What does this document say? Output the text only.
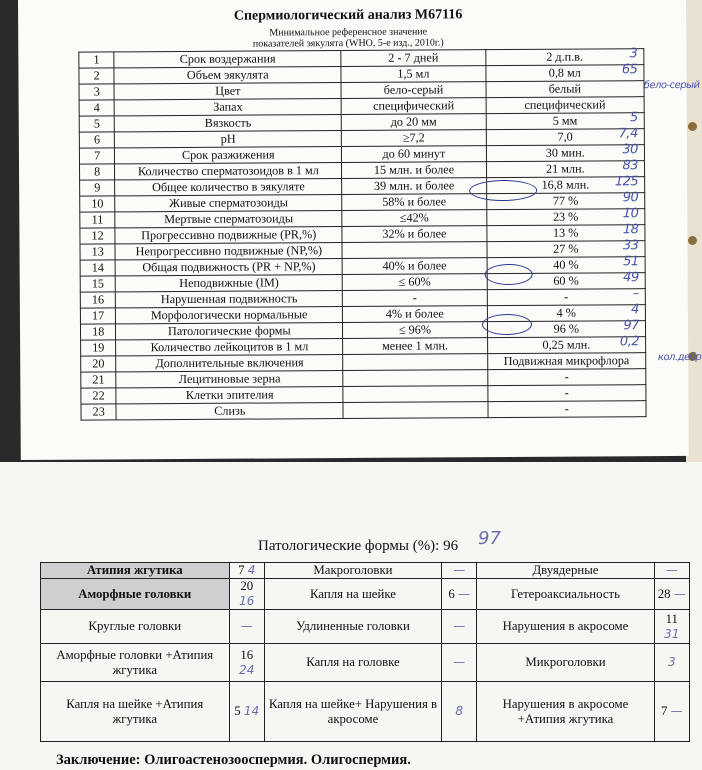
Спермиологический анализ М67116
Минимальное референсное значение
показателей эякулята (WHO, 5-е изд., 2010г.)
1	Срок воздержания	2 - 7 дней	2 д.п.в. 3

2	Объем эякулята	1,5 мл	0,8 мл 65

3	Цвет	бело-серый	белый бело-серый

4	Запах	специфический	специфический

5	Вязкость	до 20 мм	5 мм 5

6	pH	≥7,2	7,0 7,4

7	Срок разжижения	до 60 минут	30 мин. 30

8	Количество сперматозоидов в 1 мл	15 млн. и более	21 млн. 83

9	Общее количество в эякуляте	39 млн. и более	16,8 млн. 125

10	Живые сперматозоиды	58% и более	77 % 90

11	Мертвые сперматозоиды	≤42%	23 % 10

12	Прогрессивно подвижные (PR,%)	32% и более	13 % 18

13	Непрогрессивно подвижные (NP,%)		27 % 33

14	Общая подвижность (PR + NP,%)	40% и более	40 % 51

15	Неподвижные (IM)	≤ 60%	60 % 49

16	Нарушенная подвижность	-	- –

17	Морфологически нормальные	4% и более	4 % 4

18	Патологические формы	≤ 96%	96 % 97

19	Количество лейкоцитов в 1 мл	менее 1 млн.	0,25 млн. 0,2

20	Дополнительные включения		Подвижная микрофлора кол.дебр

21	Лецитиновые зерна		-

22	Клетки эпителия		-

23	Слизь		-
Патологические формы (%): 96 97
Атипия жгутика	7 4	Макроголовки	—	Двуядерные	—
Аморфные головки	20 16	Капля на шейке	6 —	Гетероаксиальность	28 —
Круглые головки	—	Удлиненные головки	—	Нарушения в акросоме	11 31
Аморфные головки +Атипия жгутика	16 24	Капля на головке	—	Микроголовки	3
Капля на шейке +Атипия жгутика	5 14	Капля на шейке+ Нарушения в акросоме	8	Нарушения в акросоме +Атипия жгутика	7 —
Заключение: Олигоастенозооспермия. Олигоспермия.
